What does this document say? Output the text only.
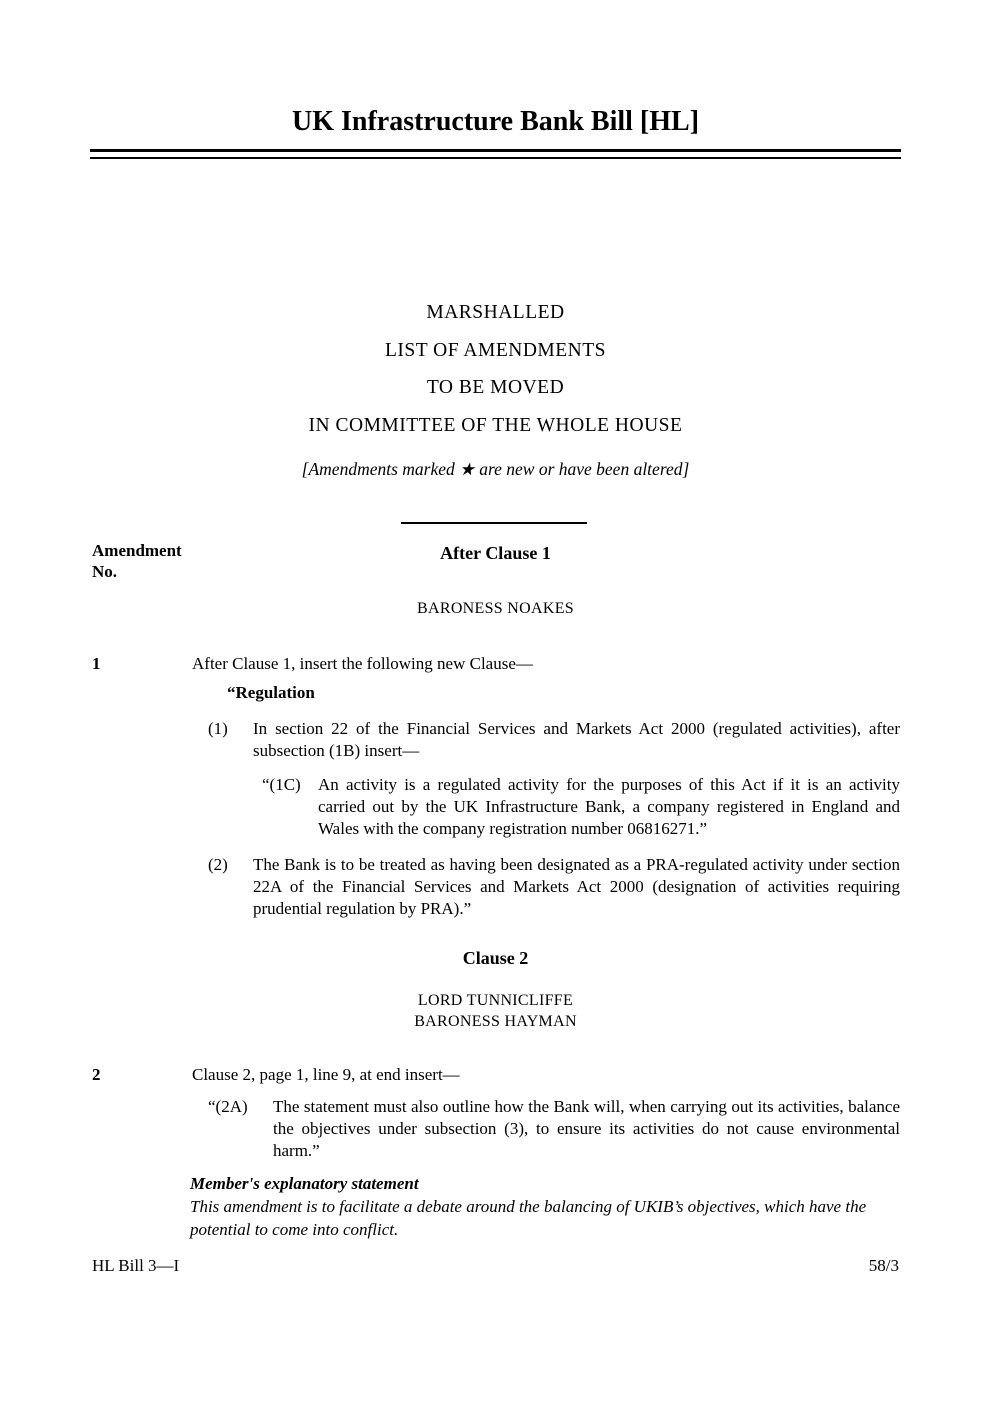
UK Infrastructure Bank Bill [HL]
MARSHALLED
LIST OF AMENDMENTS
TO BE MOVED
IN COMMITTEE OF THE WHOLE HOUSE
[Amendments marked ★ are new or have been altered]
Amendment
No.
After Clause 1
BARONESS NOAKES
1	After Clause 1, insert the following new Clause—
“Regulation
(1)	In section 22 of the Financial Services and Markets Act 2000 (regulated activities), after subsection (1B) insert—
“(1C)	An activity is a regulated activity for the purposes of this Act if it is an activity carried out by the UK Infrastructure Bank, a company registered in England and Wales with the company registration number 06816271.”
(2)	The Bank is to be treated as having been designated as a PRA-regulated activity under section 22A of the Financial Services and Markets Act 2000 (designation of activities requiring prudential regulation by PRA).”
Clause 2
LORD TUNNICLIFFE
BARONESS HAYMAN
2	Clause 2, page 1, line 9, at end insert—
“(2A)	The statement must also outline how the Bank will, when carrying out its activities, balance the objectives under subsection (3), to ensure its activities do not cause environmental harm.”
Member's explanatory statement
This amendment is to facilitate a debate around the balancing of UKIB’s objectives, which have the potential to come into conflict.
HL Bill 3—I	58/3
